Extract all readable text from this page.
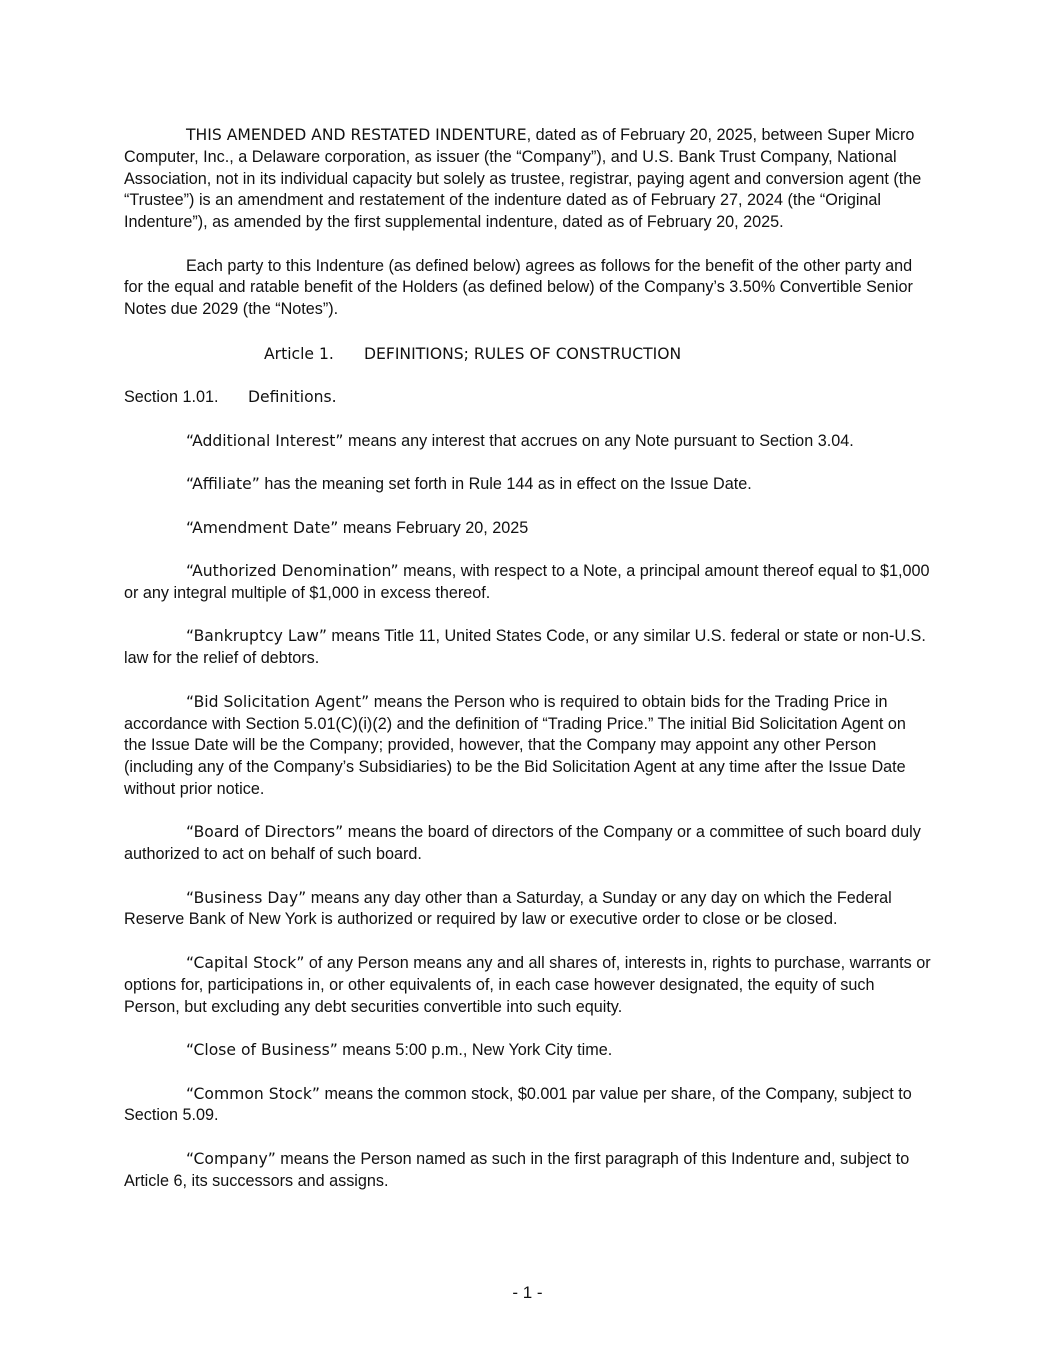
THIS AMENDED AND RESTATED INDENTURE, dated as of February 20, 2025, between Super Micro Computer, Inc., a Delaware corporation, as issuer (the “Company”), and U.S. Bank Trust Company, National Association, not in its individual capacity but solely as trustee, registrar, paying agent and conversion agent (the “Trustee”) is an amendment and restatement of the indenture dated as of February 27, 2024 (the “Original Indenture”), as amended by the first supplemental indenture, dated as of February 20, 2025.

Each party to this Indenture (as defined below) agrees as follows for the benefit of the other party and for the equal and ratable benefit of the Holders (as defined below) of the Company’s 3.50% Convertible Senior Notes due 2029 (the “Notes”).

Article 1. DEFINITIONS; RULES OF CONSTRUCTION
Section 1.01. Definitions.

“Additional Interest” means any interest that accrues on any Note pursuant to Section 3.04.

“Affiliate” has the meaning set forth in Rule 144 as in effect on the Issue Date.

“Amendment Date” means February 20, 2025

“Authorized Denomination” means, with respect to a Note, a principal amount thereof equal to $1,000 or any integral multiple of $1,000 in excess thereof.

“Bankruptcy Law” means Title 11, United States Code, or any similar U.S. federal or state or non-U.S. law for the relief of debtors.

“Bid Solicitation Agent” means the Person who is required to obtain bids for the Trading Price in accordance with Section 5.01(C)(i)(2) and the definition of “Trading Price.” The initial Bid Solicitation Agent on the Issue Date will be the Company; provided, however, that the Company may appoint any other Person (including any of the Company’s Subsidiaries) to be the Bid Solicitation Agent at any time after the Issue Date without prior notice.

“Board of Directors” means the board of directors of the Company or a committee of such board duly authorized to act on behalf of such board.

“Business Day” means any day other than a Saturday, a Sunday or any day on which the Federal Reserve Bank of New York is authorized or required by law or executive order to close or be closed.

“Capital Stock” of any Person means any and all shares of, interests in, rights to purchase, warrants or options for, participations in, or other equivalents of, in each case however designated, the equity of such Person, but excluding any debt securities convertible into such equity.

“Close of Business” means 5:00 p.m., New York City time.

“Common Stock” means the common stock, $0.001 par value per share, of the Company, subject to Section 5.09.

“Company” means the Person named as such in the first paragraph of this Indenture and, subject to Article 6, its successors and assigns.

- 1 -
